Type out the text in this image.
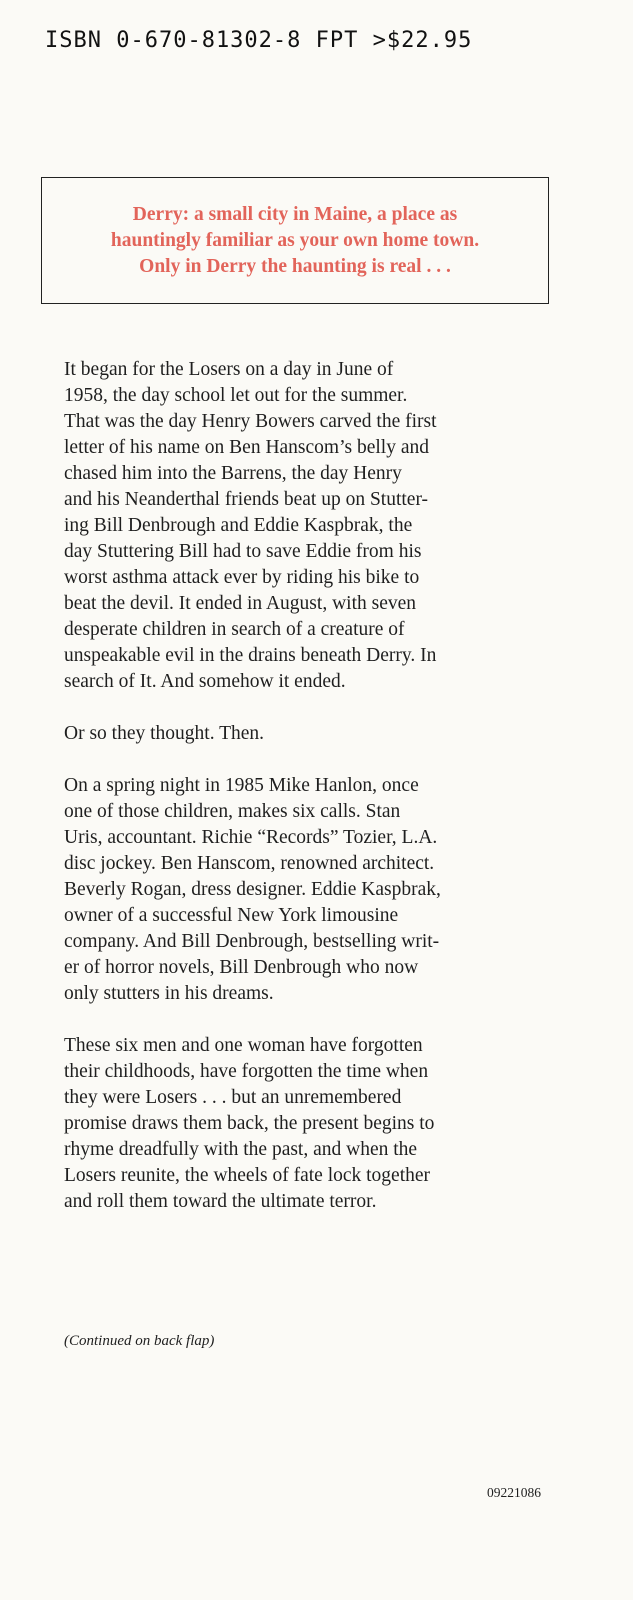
ISBN 0-670-81302-8 FPT >$22.95
Derry: a small city in Maine, a place as
hauntingly familiar as your own home town.
Only in Derry the haunting is real . . .

It began for the Losers on a day in June of
1958, the day school let out for the summer.
That was the day Henry Bowers carved the first
letter of his name on Ben Hanscom’s belly and
chased him into the Barrens, the day Henry
and his Neanderthal friends beat up on Stutter-
ing Bill Denbrough and Eddie Kaspbrak, the
day Stuttering Bill had to save Eddie from his
worst asthma attack ever by riding his bike to
beat the devil. It ended in August, with seven
desperate children in search of a creature of
unspeakable evil in the drains beneath Derry. In
search of It. And somehow it ended.

Or so they thought. Then.

On a spring night in 1985 Mike Hanlon, once
one of those children, makes six calls. Stan
Uris, accountant. Richie “Records” Tozier, L.A.
disc jockey. Ben Hanscom, renowned architect.
Beverly Rogan, dress designer. Eddie Kaspbrak,
owner of a successful New York limousine
company. And Bill Denbrough, bestselling writ-
er of horror novels, Bill Denbrough who now
only stutters in his dreams.

These six men and one woman have forgotten
their childhoods, have forgotten the time when
they were Losers . . . but an unremembered
promise draws them back, the present begins to
rhyme dreadfully with the past, and when the
Losers reunite, the wheels of fate lock together
and roll them toward the ultimate terror.

(Continued on back flap)
09221086
